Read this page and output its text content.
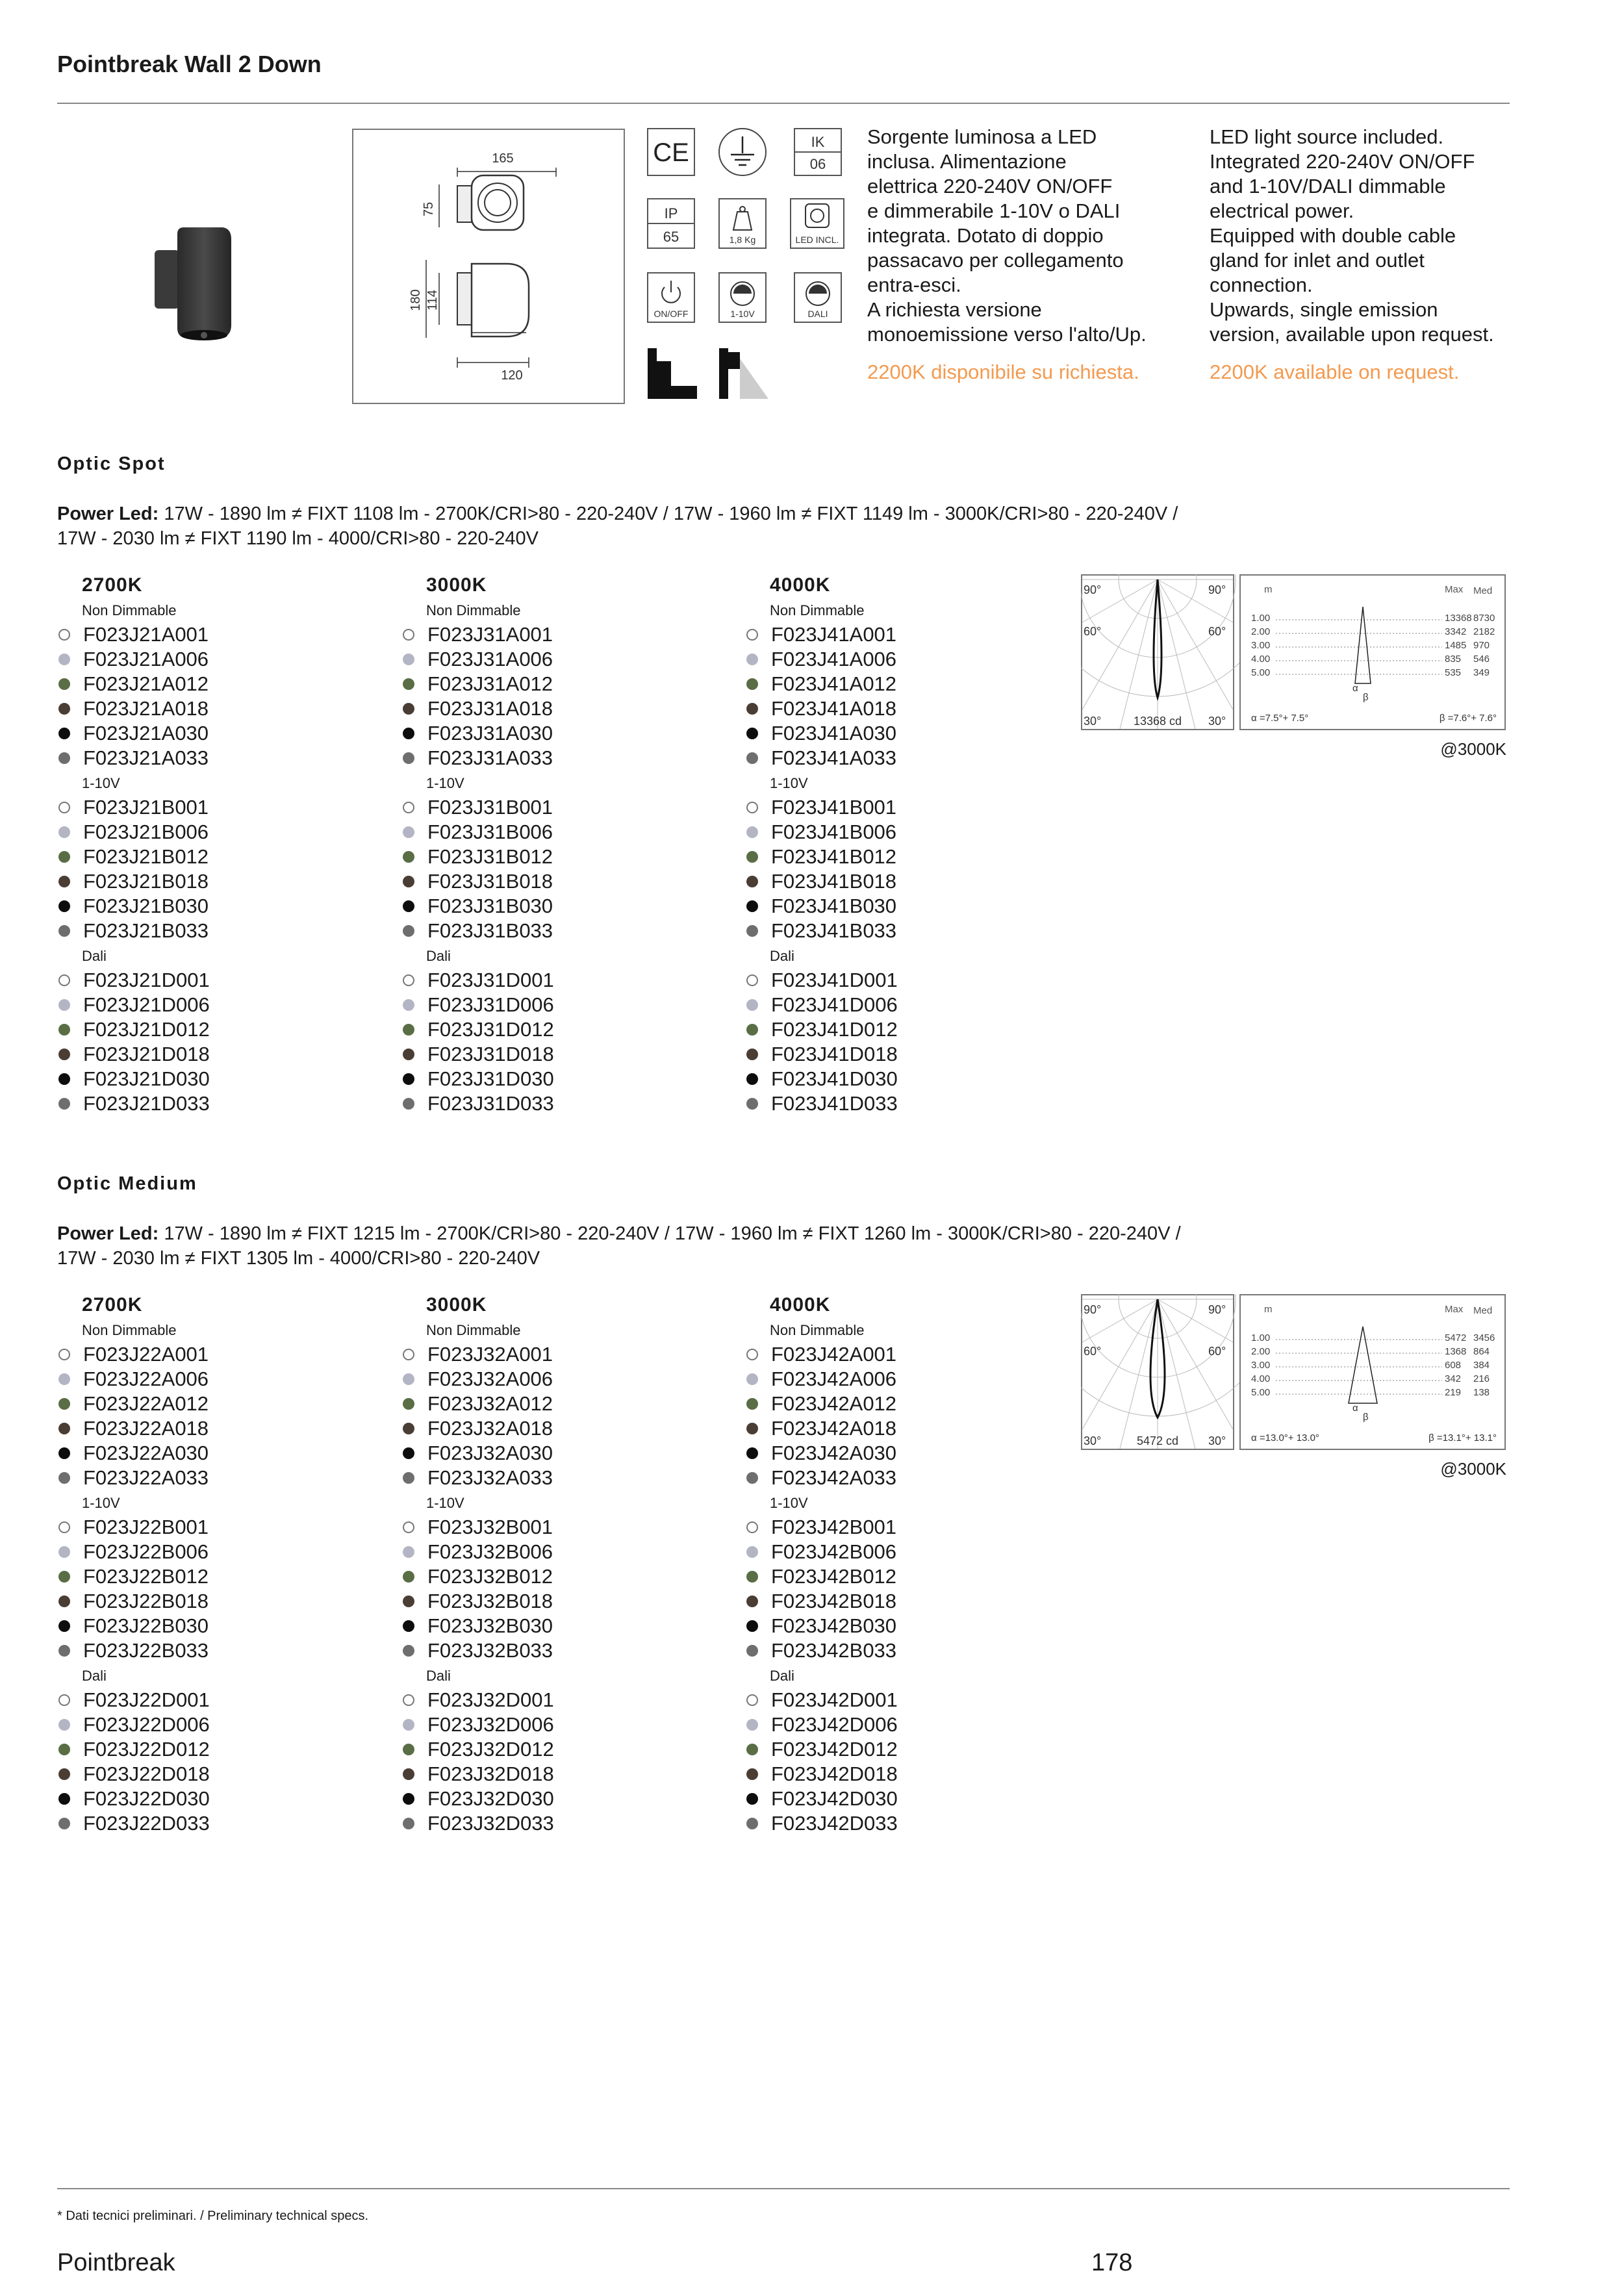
Pointbreak Wall 2 Down
165
75
180 114
120
CE	IK
06
IP
65	1,8 Kg	LED INCL.
ON/OFF	1-10V	DALI
Sorgente luminosa a LED
inclusa. Alimentazione
elettrica 220-240V ON/OFF
e dimmerabile 1-10V o DALI
integrata. Dotato di doppio
passacavo per collegamento
entra-esci.
A richiesta versione
monoemissione verso l'alto/Up.
2200K disponibile su richiesta.
LED light source included.
Integrated 220-240V ON/OFF
and 1-10V/DALI dimmable
electrical power.
Equipped with double cable
gland for inlet and outlet
connection.
Upwards, single emission
version, available upon request.
2200K available on request.
Optic Spot
Power Led: 17W - 1890 lm ≠ FIXT 1108 lm - 2700K/CRI>80 - 220-240V / 17W - 1960 lm ≠ FIXT 1149 lm - 3000K/CRI>80 - 220-240V /
17W - 2030 lm ≠ FIXT 1190 lm - 4000/CRI>80 - 220-240V
2700K
Non Dimmable
F023J21A001
F023J21A006
F023J21A012
F023J21A018
F023J21A030
F023J21A033
1-10V
F023J21B001
F023J21B006
F023J21B012
F023J21B018
F023J21B030
F023J21B033
Dali
F023J21D001
F023J21D006
F023J21D012
F023J21D018
F023J21D030
F023J21D033
3000K
Non Dimmable
F023J31A001
F023J31A006
F023J31A012
F023J31A018
F023J31A030
F023J31A033
1-10V
F023J31B001
F023J31B006
F023J31B012
F023J31B018
F023J31B030
F023J31B033
Dali
F023J31D001
F023J31D006
F023J31D012
F023J31D018
F023J31D030
F023J31D033
4000K
Non Dimmable
F023J41A001
F023J41A006
F023J41A012
F023J41A018
F023J41A030
F023J41A033
1-10V
F023J41B001
F023J41B006
F023J41B012
F023J41B018
F023J41B030
F023J41B033
Dali
F023J41D001
F023J41D006
F023J41D012
F023J41D018
F023J41D030
F023J41D033
90°	90°
60°	60°
30°	30°
13368 cd
m	Max Med
1.00	13368 8730
2.00	3342 2182
3.00	1485 970
4.00	835 546
5.00	535 349
α
β
α =7.5°+ 7.5°	β =7.6°+ 7.6°
@3000K
Optic Medium
Power Led: 17W - 1890 lm ≠ FIXT 1215 lm - 2700K/CRI>80 - 220-240V / 17W - 1960 lm ≠ FIXT 1260 lm - 3000K/CRI>80 - 220-240V /
17W - 2030 lm ≠ FIXT 1305 lm - 4000/CRI>80 - 220-240V
2700K
Non Dimmable
F023J22A001
F023J22A006
F023J22A012
F023J22A018
F023J22A030
F023J22A033
1-10V
F023J22B001
F023J22B006
F023J22B012
F023J22B018
F023J22B030
F023J22B033
Dali
F023J22D001
F023J22D006
F023J22D012
F023J22D018
F023J22D030
F023J22D033
3000K
Non Dimmable
F023J32A001
F023J32A006
F023J32A012
F023J32A018
F023J32A030
F023J32A033
1-10V
F023J32B001
F023J32B006
F023J32B012
F023J32B018
F023J32B030
F023J32B033
Dali
F023J32D001
F023J32D006
F023J32D012
F023J32D018
F023J32D030
F023J32D033
4000K
Non Dimmable
F023J42A001
F023J42A006
F023J42A012
F023J42A018
F023J42A030
F023J42A033
1-10V
F023J42B001
F023J42B006
F023J42B012
F023J42B018
F023J42B030
F023J42B033
Dali
F023J42D001
F023J42D006
F023J42D012
F023J42D018
F023J42D030
F023J42D033
90°	90°
60°	60°
30°	30°
5472 cd
m	Max Med
1.00	5472 3456
2.00	1368 864
3.00	608 384
4.00	342 216
5.00	219 138
α
β
α =13.0°+ 13.0°	β =13.1°+ 13.1°
@3000K
* Dati tecnici preliminari. / Preliminary technical specs.
Pointbreak	178
